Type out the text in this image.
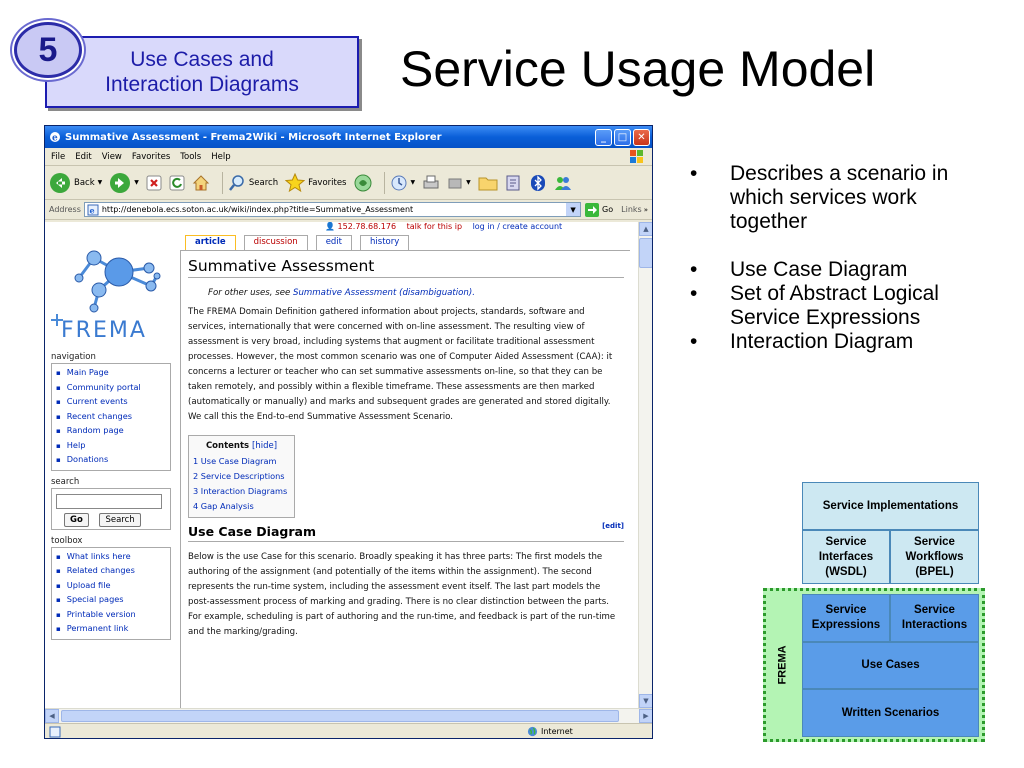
5	Use Cases and
Interaction Diagrams Service Usage Model
e Summative Assessment - Frema2Wiki - Microsoft Internet Explorer	_	□	✕
File Edit View Favorites Tools Help
Back ▼	▼	Search	Favorites	▼	▼
Address e http://denebola.ecs.soton.ac.uk/wiki/index.php?title=Summative_Assessment	▼	Go Links »
FREMA
👤 152.78.68.176 talk for this ip log in / create account
article	discussion	edit	history
navigation
▪ Main Page
▪ Community portal
▪ Current events
▪ Recent changes
▪ Random page
▪ Help
▪ Donations
search
Go	Search
toolbox
▪ What links here
▪ Related changes
▪ Upload file
▪ Special pages
▪ Printable version
▪ Permanent link
Summative Assessment
For other uses, see Summative Assessment (disambiguation).

The FREMA Domain Definition gathered information about projects, standards, software and services, internationally that were concerned with on-line assessment. The resulting view of assessment is very broad, including systems that augment or facilitate traditional assessment processes. However, the most common scenario was one of Computer Aided Assessment (CAA): it concerns a lecturer or teacher who can set summative assessments on-line, so that they can be taken remotely, and possibly within a flexible timeframe. These assessments are then marked (automatically or manually) and marks and subsequent grades are generated and stored digitally. We call this the End-to-end Summative Assessment Scenario.

Contents [hide]
1 Use Case Diagram
2 Service Descriptions
3 Interaction Diagrams
4 Gap Analysis
Use Case Diagram	[edit]

Below is the use Case for this scenario. Broadly speaking it has three parts: The first models the authoring of the assignment (and potentially of the items within the assignment). The second represents the run-time system, including the assessment event itself. The last part models the post-assessment process of marking and grading. There is no clear distinction between the parts. For example, scheduling is part of authoring and the run-time, and feedback is part of the run-time and the marking/grading.

▲
▼
◀	▶
Internet
• Describes a scenario in which services work together
• Use Case Diagram
• Set of Abstract Logical Service Expressions
• Interaction Diagram
FREMA
Service Implementations
Service Interfaces (WSDL)
Service Workflows (BPEL)
Service Expressions
Service Interactions
Use Cases
Written Scenarios
